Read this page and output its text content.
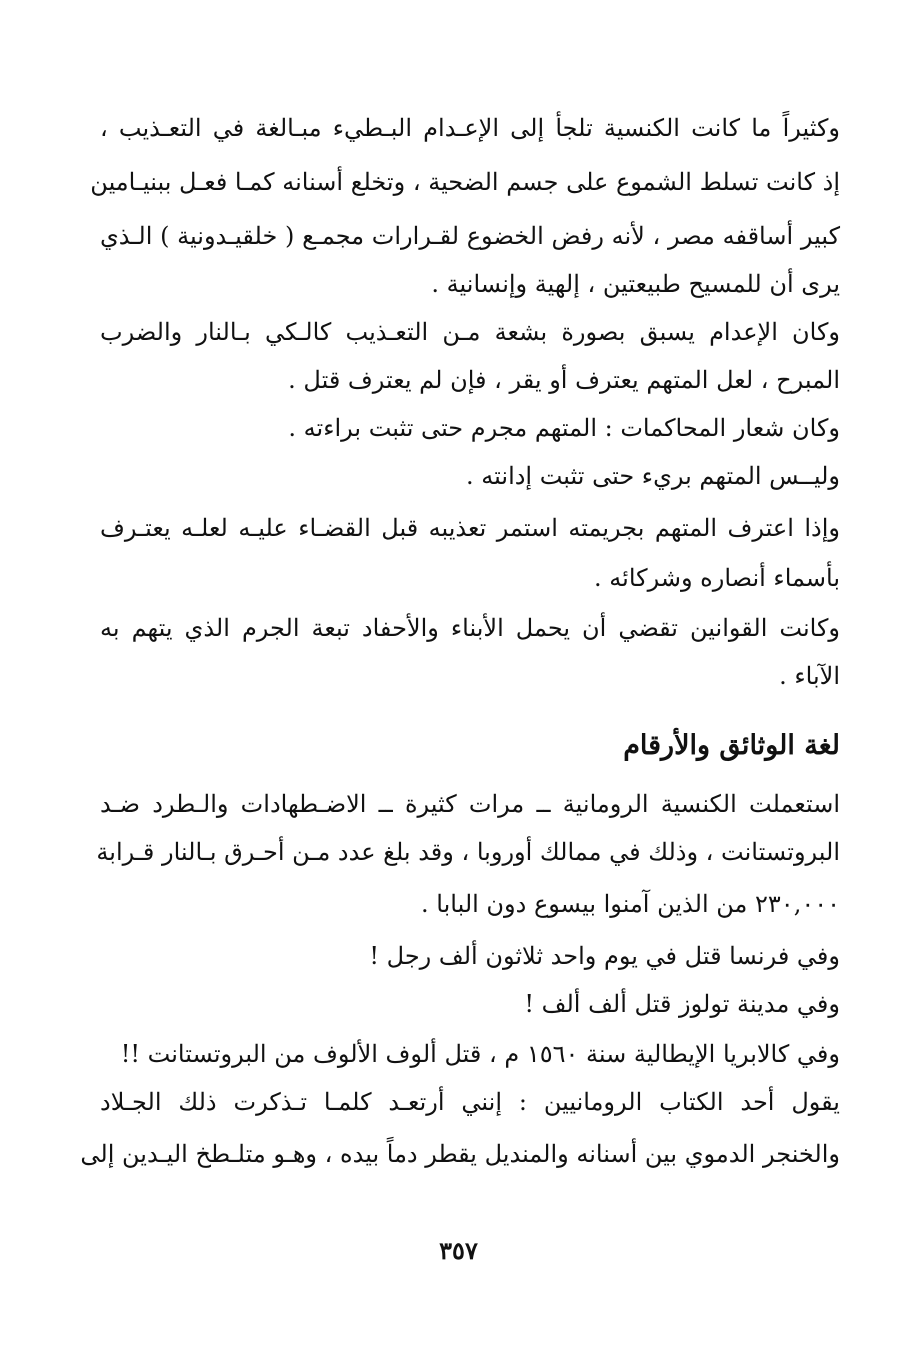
وكثيراً ما كانت الكنسية تلجأ إلى الإعـدام البـطيء مبـالغة في التعـذيب ،
إذ كانت تسلط الشموع على جسم الضحية ، وتخلع أسنانه كمـا فعـل ببنيـامين
كبير أساقفه مصر ، لأنه رفض الخضوع لقـرارات مجمـع ( خلقيـدونية ) الـذي
يرى أن للمسيح طبيعتين ، إلهية وإنسانية .
وكان الإعدام يسبق بصورة بشعة مـن التعـذيب كالـكي بـالنار والضرب
المبرح ، لعل المتهم يعترف أو يقر ، فإن لم يعترف قتل .
وكان شعار المحاكمات : المتهم مجرم حتى تثبت براءته .
وليــس المتهم بريء حتى تثبت إدانته .
وإذا اعترف المتهم بجريمته استمر تعذيبه قبل القضـاء عليـه لعلـه يعتـرف
بأسماء أنصاره وشركائه .
وكانت القوانين تقضي أن يحمل الأبناء والأحفاد تبعة الجرم الذي يتهم به
الآباء .
لغة الوثائق والأرقام
استعملت الكنسية الرومانية ــ مرات كثيرة ــ الاضـطهادات والـطرد ضـد
البروتستانت ، وذلك في ممالك أوروبا ، وقد بلغ عدد مـن أحـرق بـالنار قـرابة
٢٣٠,٠٠٠ من الذين آمنوا بيسوع دون البابا .
وفي فرنسا قتل في يوم واحد ثلاثون ألف رجل !
وفي مدينة تولوز قتل ألف ألف !
وفي كالابريا الإيطالية سنة ١٥٦٠ م ، قتل ألوف الألوف من البروتستانت !!
يقول أحد الكتاب الرومانيين : إنني أرتعـد كلمـا تـذكرت ذلك الجـلاد
والخنجر الدموي بين أسنانه والمنديل يقطر دماً بيده ، وهـو متلـطخ اليـدين إلى
٣٥٧
